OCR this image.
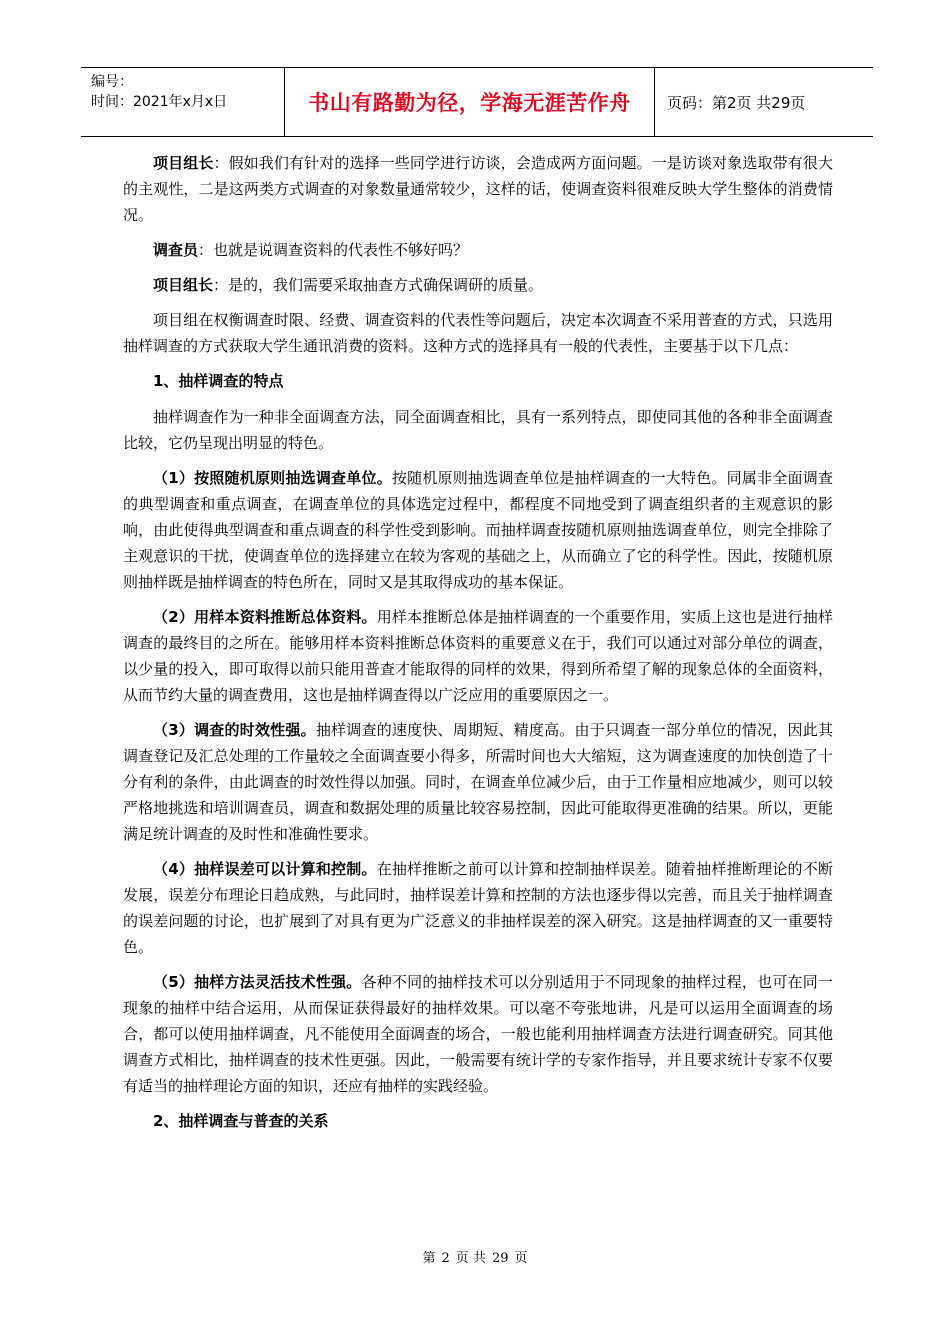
编号：
时间：2021年x月x日	书山有路勤为径，学海无涯苦作舟	页码：第2页 共29页

项目组长：假如我们有针对的选择一些同学进行访谈，会造成两方面问题。一是访谈对象选取带有很大的主观性，二是这两类方式调查的对象数量通常较少，这样的话，使调查资料很难反映大学生整体的消费情况。

调查员：也就是说调查资料的代表性不够好吗？

项目组长：是的，我们需要采取抽查方式确保调研的质量。

项目组在权衡调查时限、经费、调查资料的代表性等问题后，决定本次调查不采用普查的方式，只选用抽样调查的方式获取大学生通讯消费的资料。这种方式的选择具有一般的代表性，主要基于以下几点：

1、抽样调查的特点

抽样调查作为一种非全面调查方法，同全面调查相比，具有一系列特点，即使同其他的各种非全面调查比较，它仍呈现出明显的特色。

（1）按照随机原则抽选调查单位。按随机原则抽选调查单位是抽样调查的一大特色。同属非全面调查的典型调查和重点调查，在调查单位的具体选定过程中，都程度不同地受到了调查组织者的主观意识的影响，由此使得典型调查和重点调查的科学性受到影响。而抽样调查按随机原则抽选调查单位，则完全排除了主观意识的干扰，使调查单位的选择建立在较为客观的基础之上，从而确立了它的科学性。因此，按随机原则抽样既是抽样调查的特色所在，同时又是其取得成功的基本保证。

（2）用样本资料推断总体资料。用样本推断总体是抽样调查的一个重要作用，实质上这也是进行抽样调查的最终目的之所在。能够用样本资料推断总体资料的重要意义在于，我们可以通过对部分单位的调查，以少量的投入，即可取得以前只能用普查才能取得的同样的效果，得到所希望了解的现象总体的全面资料，从而节约大量的调查费用，这也是抽样调查得以广泛应用的重要原因之一。

（3）调查的时效性强。抽样调查的速度快、周期短、精度高。由于只调查一部分单位的情况，因此其调查登记及汇总处理的工作量较之全面调查要小得多，所需时间也大大缩短，这为调查速度的加快创造了十分有利的条件，由此调查的时效性得以加强。同时，在调查单位减少后，由于工作量相应地减少，则可以较严格地挑选和培训调查员，调查和数据处理的质量比较容易控制，因此可能取得更准确的结果。所以，更能满足统计调查的及时性和准确性要求。

（4）抽样误差可以计算和控制。在抽样推断之前可以计算和控制抽样误差。随着抽样推断理论的不断发展，误差分布理论日趋成熟，与此同时，抽样误差计算和控制的方法也逐步得以完善，而且关于抽样调查的误差问题的讨论，也扩展到了对具有更为广泛意义的非抽样误差的深入研究。这是抽样调查的又一重要特色。

（5）抽样方法灵活技术性强。各种不同的抽样技术可以分别适用于不同现象的抽样过程，也可在同一现象的抽样中结合运用，从而保证获得最好的抽样效果。可以毫不夸张地讲，凡是可以运用全面调查的场合，都可以使用抽样调查，凡不能使用全面调查的场合，一般也能利用抽样调查方法进行调查研究。同其他调查方式相比，抽样调查的技术性更强。因此，一般需要有统计学的专家作指导，并且要求统计专家不仅要有适当的抽样理论方面的知识，还应有抽样的实践经验。

2、抽样调查与普查的关系

第 2 页 共 29 页
